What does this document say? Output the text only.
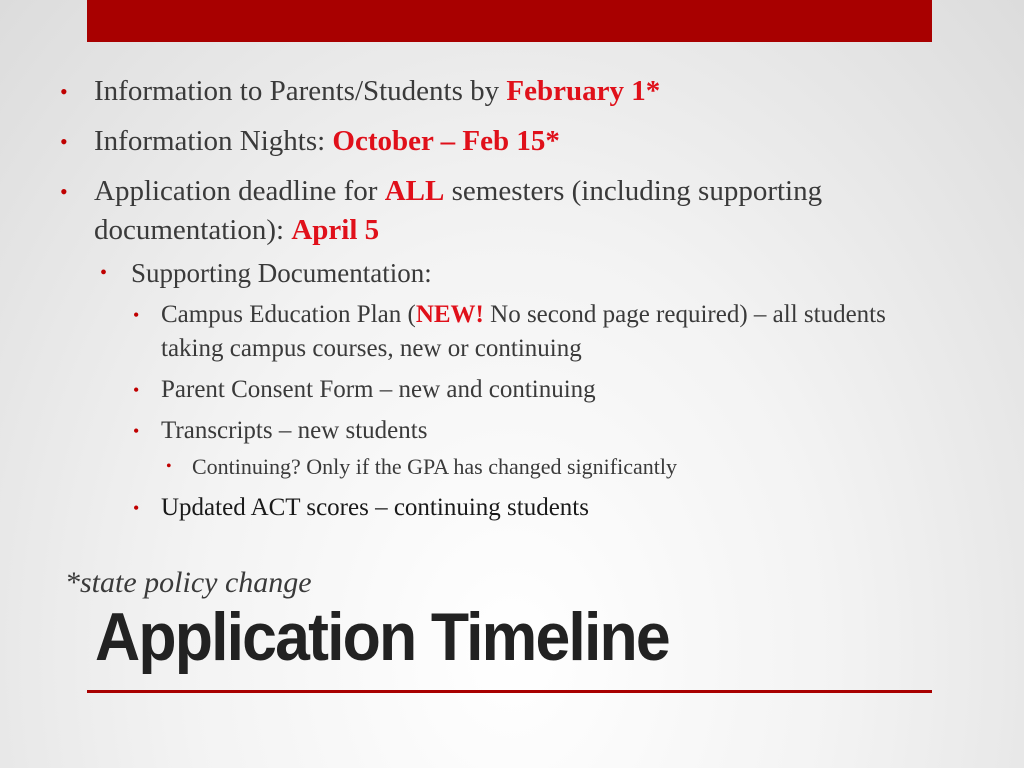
• Information to Parents/Students by February 1*
• Information Nights: October – Feb 15*
• Application deadline for ALL semesters (including supporting documentation): April 5
• Supporting Documentation:
• Campus Education Plan (NEW! No second page required) – all students taking campus courses, new or continuing
• Parent Consent Form – new and continuing
• Transcripts – new students
• Continuing? Only if the GPA has changed significantly
• Updated ACT scores – continuing students
*state policy change
Application Timeline
